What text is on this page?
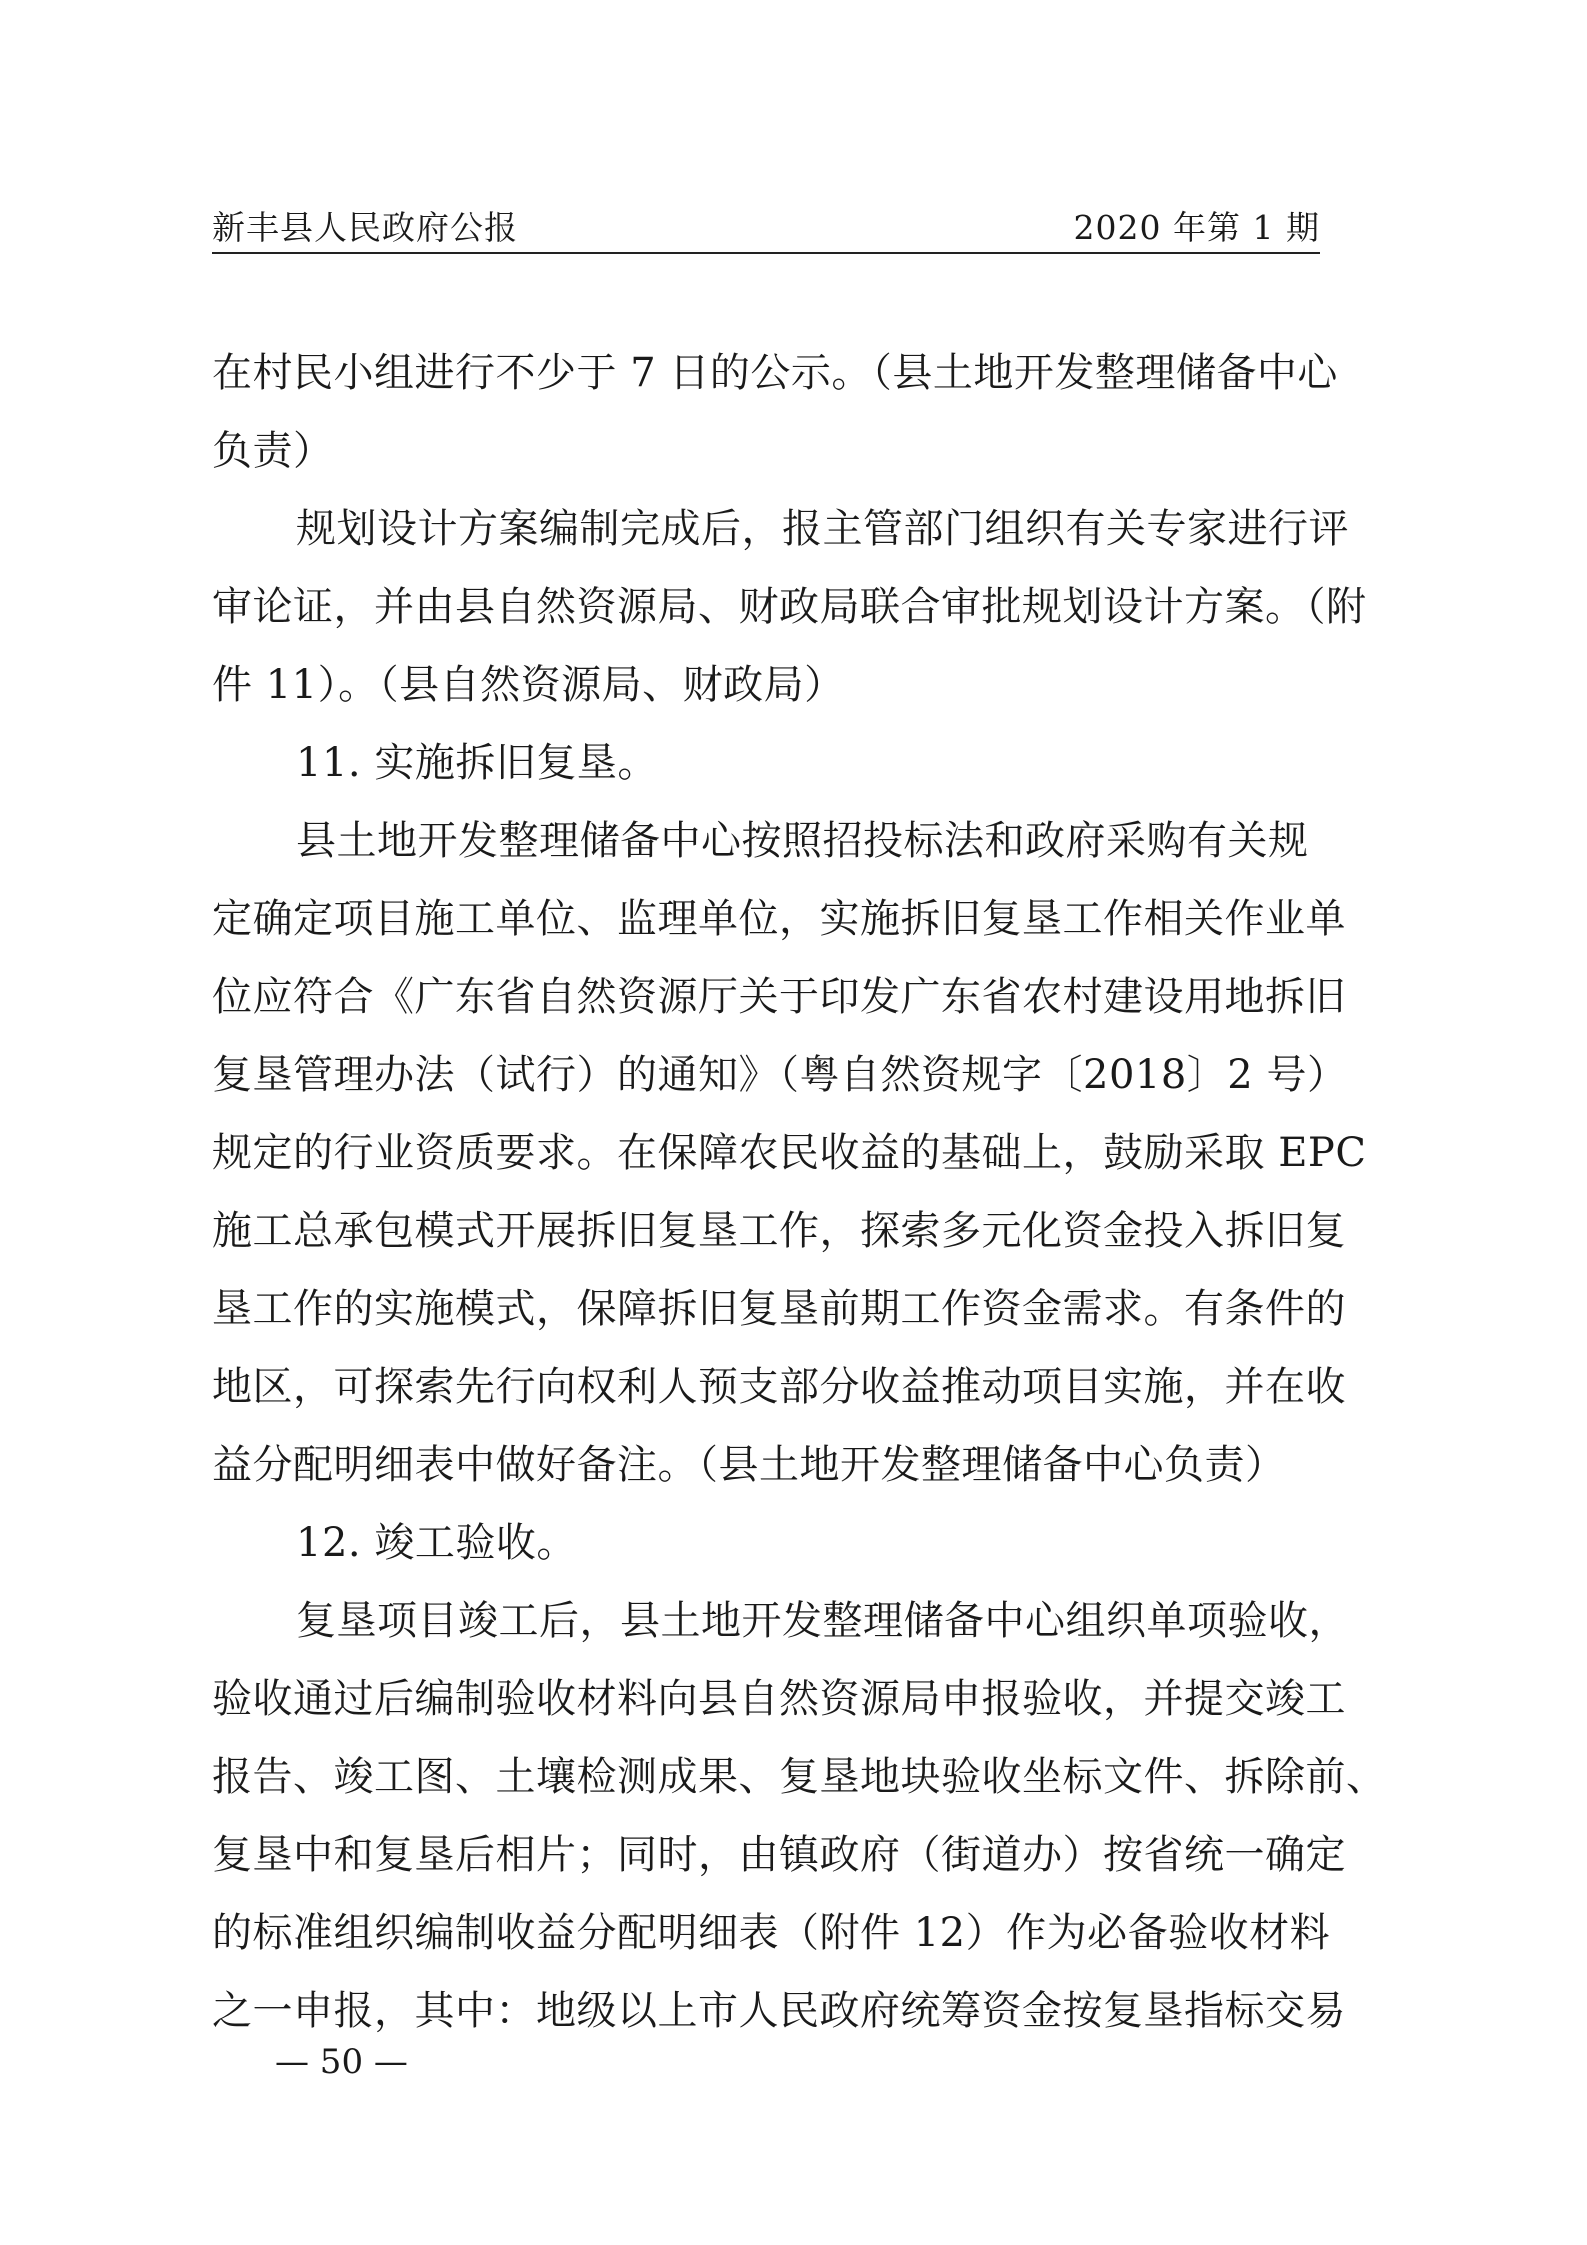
新丰县人民政府公报	2020 年第 1 期
在村民小组进行不少于 7 日的公示。（县土地开发整理储备中心
负责）
规划设计方案编制完成后，报主管部门组织有关专家进行评
审论证，并由县自然资源局、财政局联合审批规划设计方案。（附
件 11）。（县自然资源局、财政局）
11. 实施拆旧复垦。
县土地开发整理储备中心按照招投标法和政府采购有关规
定确定项目施工单位、监理单位，实施拆旧复垦工作相关作业单
位应符合《广东省自然资源厅关于印发广东省农村建设用地拆旧
复垦管理办法（试行）的通知》（粤自然资规字〔2018〕2 号）
规定的行业资质要求。在保障农民收益的基础上，鼓励采取 EPC
施工总承包模式开展拆旧复垦工作，探索多元化资金投入拆旧复
垦工作的实施模式，保障拆旧复垦前期工作资金需求。有条件的
地区，可探索先行向权利人预支部分收益推动项目实施，并在收
益分配明细表中做好备注。（县土地开发整理储备中心负责）
12. 竣工验收。
复垦项目竣工后，县土地开发整理储备中心组织单项验收，
验收通过后编制验收材料向县自然资源局申报验收，并提交竣工
报告、竣工图、土壤检测成果、复垦地块验收坐标文件、拆除前、
复垦中和复垦后相片；同时，由镇政府（街道办）按省统一确定
的标准组织编制收益分配明细表（附件 12）作为必备验收材料
之一申报，其中：地级以上市人民政府统筹资金按复垦指标交易
— 50 —
